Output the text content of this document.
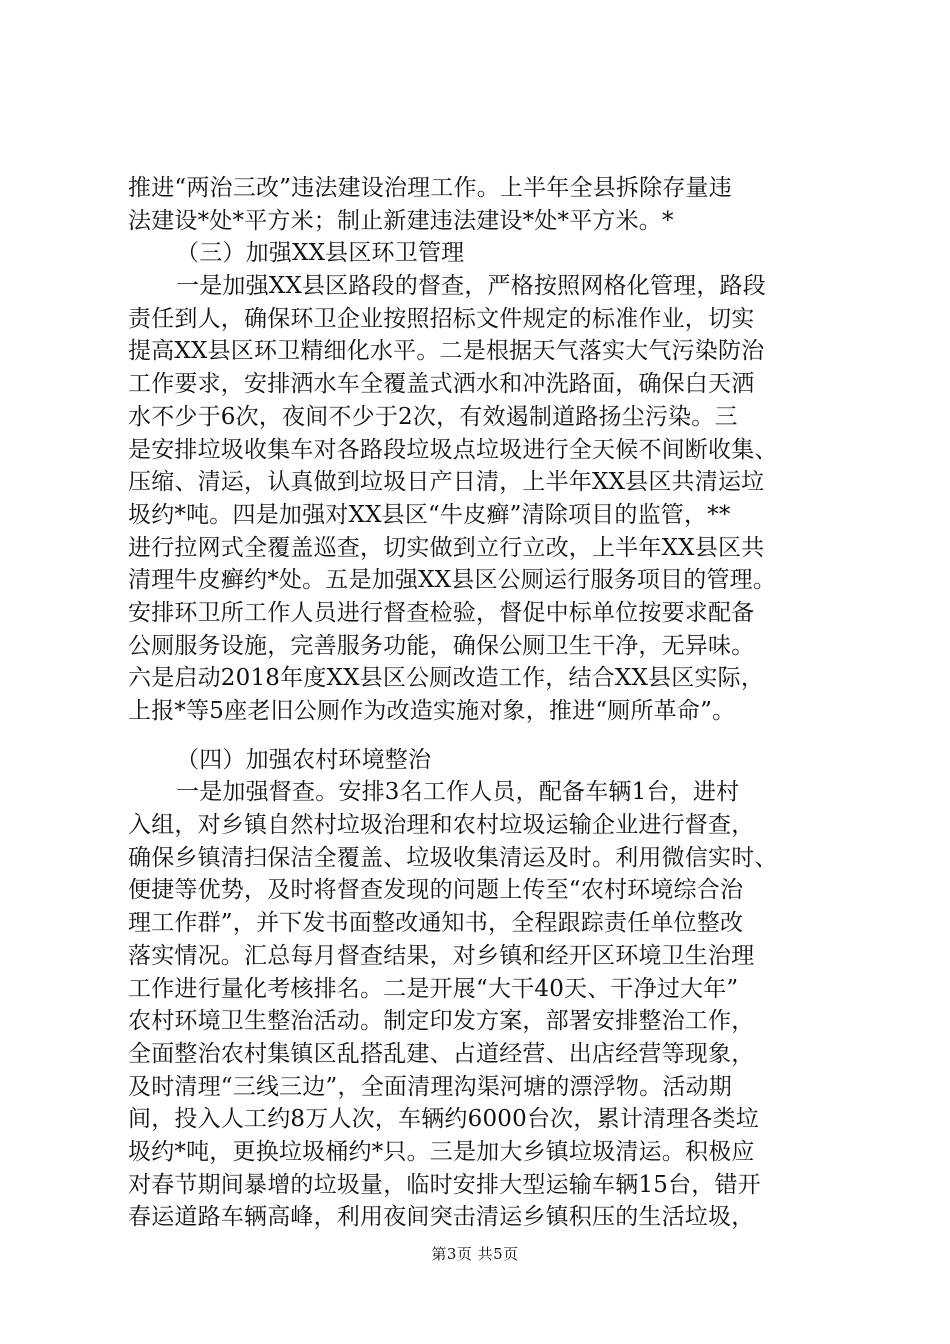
推进“两治三改”违法建设治理工作。上半年全县拆除存量违
法建设*处*平方米；制止新建违法建设*处*平方米。*
（三）加强XX县区环卫管理
一是加强XX县区路段的督查，严格按照网格化管理，路段
责任到人，确保环卫企业按照招标文件规定的标准作业，切实
提高XX县区环卫精细化水平。二是根据天气落实大气污染防治
工作要求，安排洒水车全覆盖式洒水和冲洗路面，确保白天洒
水不少于6次，夜间不少于2次，有效遏制道路扬尘污染。三
是安排垃圾收集车对各路段垃圾点垃圾进行全天候不间断收集、
压缩、清运，认真做到垃圾日产日清，上半年XX县区共清运垃
圾约*吨。四是加强对XX县区“牛皮癣”清除项目的监管，**
进行拉网式全覆盖巡查，切实做到立行立改，上半年XX县区共
清理牛皮癣约*处。五是加强XX县区公厕运行服务项目的管理。
安排环卫所工作人员进行督查检验，督促中标单位按要求配备
公厕服务设施，完善服务功能，确保公厕卫生干净，无异味。
六是启动2018年度XX县区公厕改造工作，结合XX县区实际，
上报*等5座老旧公厕作为改造实施对象，推进“厕所革命”。
（四）加强农村环境整治
一是加强督查。安排3名工作人员，配备车辆1台，进村
入组，对乡镇自然村垃圾治理和农村垃圾运输企业进行督查，
确保乡镇清扫保洁全覆盖、垃圾收集清运及时。利用微信实时、
便捷等优势，及时将督查发现的问题上传至“农村环境综合治
理工作群”，并下发书面整改通知书，全程跟踪责任单位整改
落实情况。汇总每月督查结果，对乡镇和经开区环境卫生治理
工作进行量化考核排名。二是开展“大干40天、干净过大年”
农村环境卫生整治活动。制定印发方案，部署安排整治工作，
全面整治农村集镇区乱搭乱建、占道经营、出店经营等现象，
及时清理“三线三边”，全面清理沟渠河塘的漂浮物。活动期
间，投入人工约8万人次，车辆约6000台次，累计清理各类垃
圾约*吨，更换垃圾桶约*只。三是加大乡镇垃圾清运。积极应
对春节期间暴增的垃圾量，临时安排大型运输车辆15台，错开
春运道路车辆高峰，利用夜间突击清运乡镇积压的生活垃圾，
第3页 共5页
